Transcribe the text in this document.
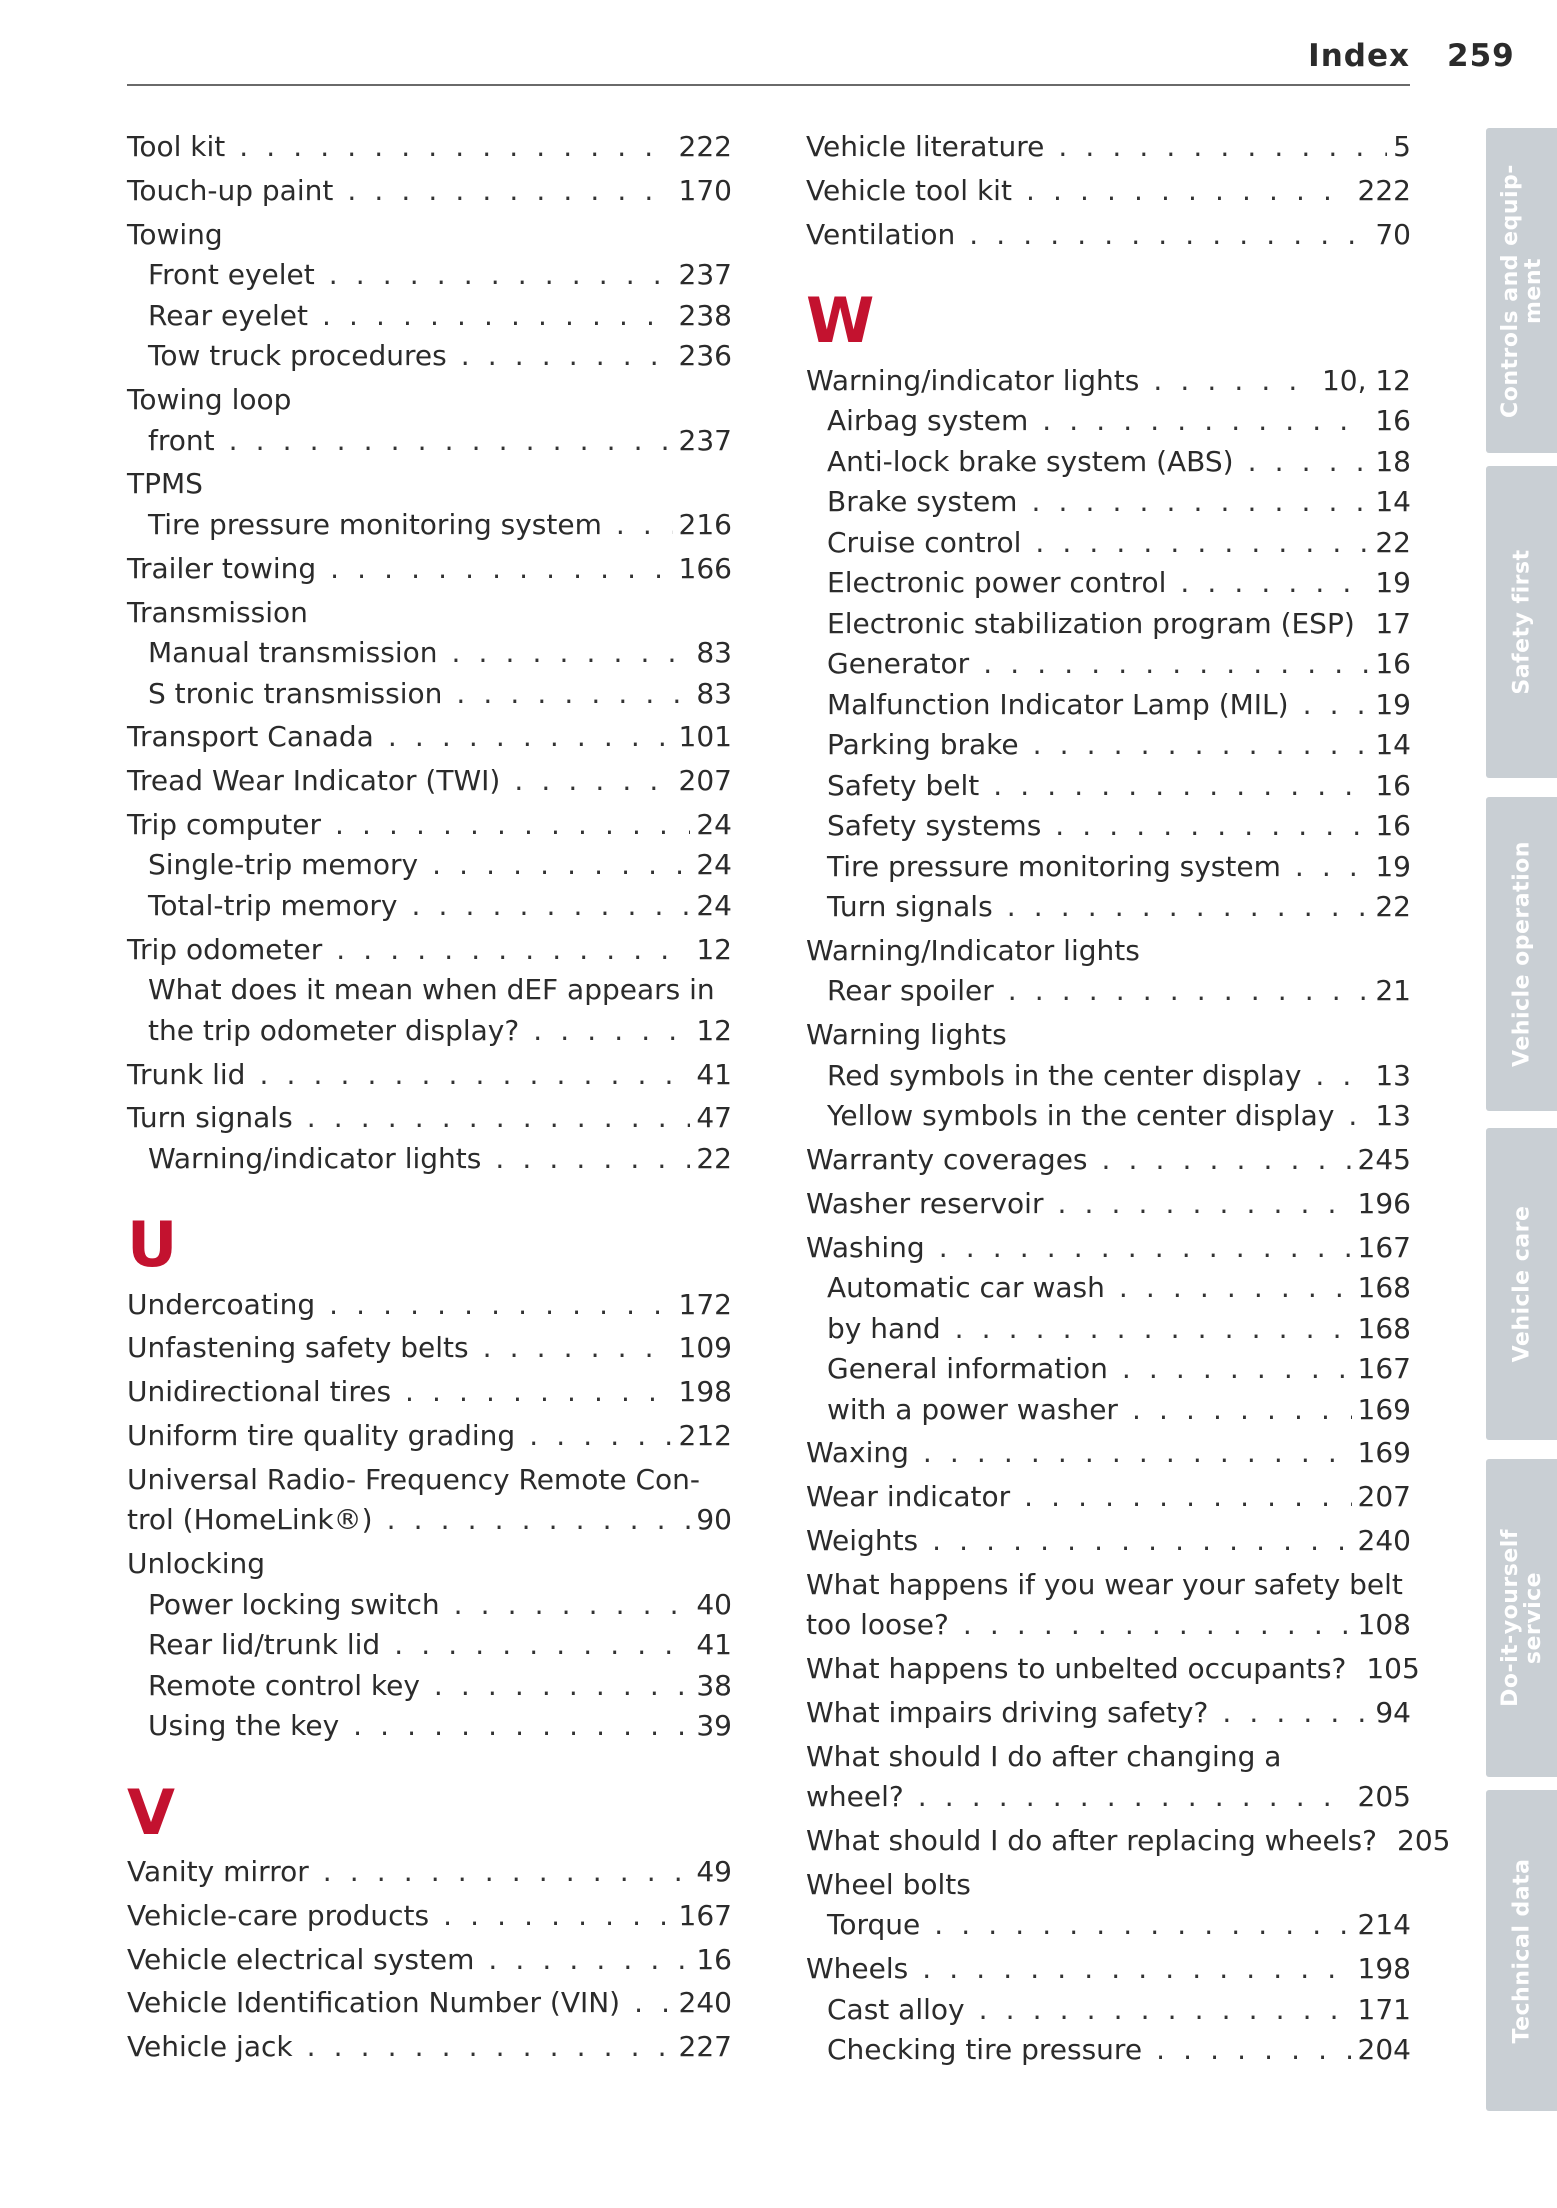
Index 259
Tool kit . . .	222
Touch-up paint . . .	170
Towing
Front eyelet . . .	237
Rear eyelet . . .	238
Tow truck procedures . . .	236
Towing loop
front . . .	237
TPMS
Tire pressure monitoring system . . .	216
Trailer towing . . .	166
Transmission
Manual transmission . . .	83
S tronic transmission . . .	83
Transport Canada . . .	101
Tread Wear Indicator (TWI) . . .	207
Trip computer . . .	24
Single-trip memory . . .	24
Total-trip memory . . .	24
Trip odometer . . .	12
What does it mean when dEF appears in
the trip odometer display? . . .	12
Trunk lid . . .	41
Turn signals . . .	47
Warning/indicator lights . . .	22
U
Undercoating . . .	172
Unfastening safety belts . . .	109
Unidirectional tires . . .	198
Uniform tire quality grading . . .	212
Universal Radio- Frequency Remote Con-
trol (HomeLink®) . . .	90
Unlocking
Power locking switch . . .	40
Rear lid/trunk lid . . .	41
Remote control key . . .	38
Using the key . . .	39
V
Vanity mirror . . .	49
Vehicle-care products . . .	167
Vehicle electrical system . . .	16
Vehicle Identification Number (VIN) . . . 240
Vehicle jack . . .	227
Vehicle literature . . .	5
Vehicle tool kit . . .	222
Ventilation . . .	70
W
Warning/indicator lights . . .	10, 12
Airbag system . . .	16
Anti-lock brake system (ABS) . . .	18
Brake system . . .	14
Cruise control . . .	22
Electronic power control . . .	19
Electronic stabilization program (ESP) . . . 17
Generator . . .	16
Malfunction Indicator Lamp (MIL) . . .	19
Parking brake . . .	14
Safety belt . . .	16
Safety systems . . .	16
Tire pressure monitoring system . . .	19
Turn signals . . .	22
Warning/Indicator lights
Rear spoiler . . .	21
Warning lights
Red symbols in the center display . . .	13
Yellow symbols in the center display . . . 13
Warranty coverages . . .	245
Washer reservoir . . .	196
Washing . . .	167
Automatic car wash . . .	168
by hand . . .	168
General information . . .	167
with a power washer . . .	169
Waxing . . .	169
Wear indicator . . .	207
Weights . . .	240
What happens if you wear your safety belt
too loose? . . .	108
What happens to unbelted occupants? 105
What impairs driving safety? . . .	94
What should I do after changing a
wheel? . . .	205
What should I do after replacing wheels? 205
Wheel bolts
Torque . . .	214
Wheels . . .	198
Cast alloy . . .	171
Checking tire pressure . . .	204
Controls and equip-
ment
Safety first
Vehicle operation
Vehicle care
Do-it-yourself
service
Technical data
